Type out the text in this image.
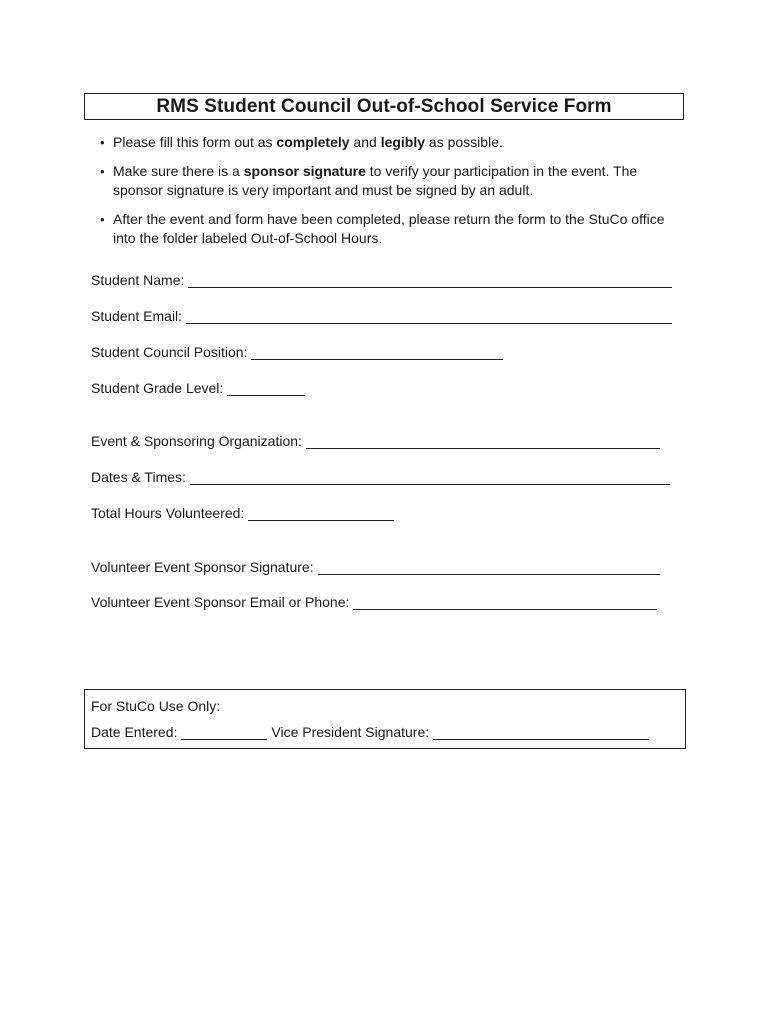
RMS Student Council Out-of-School Service Form
• Please fill this form out as completely and legibly as possible.
• Make sure there is a sponsor signature to verify your participation in the event. The sponsor signature is very important and must be signed by an adult.
• After the event and form have been completed, please return the form to the StuCo office into the folder labeled Out-of-School Hours.
Student Name:
Student Email:
Student Council Position:
Student Grade Level:
Event & Sponsoring Organization:
Dates & Times:
Total Hours Volunteered:
Volunteer Event Sponsor Signature:
Volunteer Event Sponsor Email or Phone:
For StuCo Use Only:
Date Entered:	Vice President Signature:
